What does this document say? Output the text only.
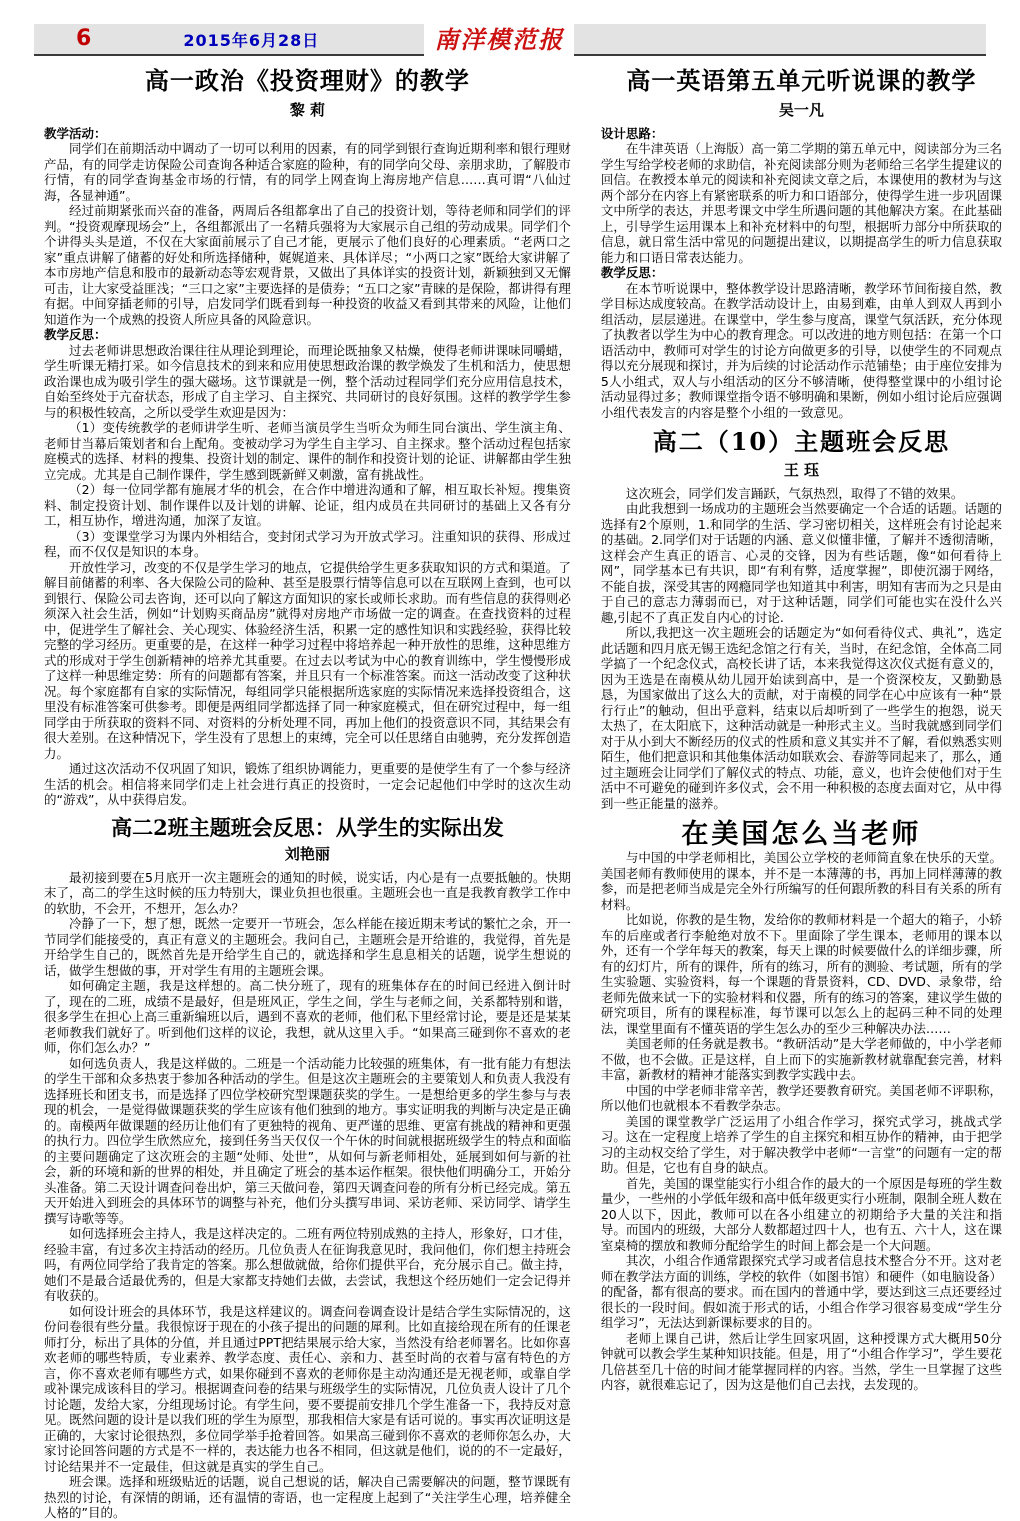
6	2015年6月28日	南洋模范报
高一政治《投资理财》的教学
黎 莉

教学活动：

同学们在前期活动中调动了一切可以利用的因素，有的同学到银行查询近期利率和银行理财产品，有的同学走访保险公司查询各种适合家庭的险种，有的同学向父母、亲朋求助，了解股市行情，有的同学查询基金市场的行情，有的同学上网查询上海房地产信息……真可谓“八仙过海，各显神通”。

经过前期紧张而兴奋的准备，两周后各组都拿出了自己的投资计划，等待老师和同学们的评判。“投资观摩现场会”上，各组都派出了一名精兵强将为大家展示自己组的劳动成果。同学们个个讲得头头是道，不仅在大家面前展示了自己才能，更展示了他们良好的心理素质。“老两口之家”重点讲解了储蓄的好处和所选择储种，娓娓道来、具体详尽；“小两口之家”既给大家讲解了本市房地产信息和股市的最新动态等宏观背景，又做出了具体详实的投资计划，新颖独到又无懈可击，让大家受益匪浅；“三口之家”主要选择的是债券；“五口之家”青睐的是保险，都讲得有理有据。中间穿插老师的引导，启发同学们既看到每一种投资的收益又看到其带来的风险，让他们知道作为一个成熟的投资人所应具备的风险意识。

教学反思：

过去老师讲思想政治课往往从理论到理论，而理论既抽象又枯燥，使得老师讲课味同嚼蜡，学生听课无精打采。如今信息技术的到来和应用使思想政治课的教学焕发了生机和活力，使思想政治课也成为吸引学生的强大磁场。这节课就是一例，整个活动过程同学们充分应用信息技术，自始至终处于亢奋状态，形成了自主学习、自主探究、共同研讨的良好氛围。这样的教学学生参与的积极性较高，之所以受学生欢迎是因为：

（1）变传统教学的老师讲学生听、老师当演员学生当听众为师生同台演出、学生演主角、老师甘当幕后策划者和台上配角。变被动学习为学生自主学习、自主探求。整个活动过程包括家庭模式的选择、材料的搜集、投资计划的制定、课件的制作和投资计划的论证、讲解都由学生独立完成。尤其是自己制作课件，学生感到既新鲜又刺激，富有挑战性。

（2）每一位同学都有施展才华的机会，在合作中增进沟通和了解，相互取长补短。搜集资料、制定投资计划、制作课件以及计划的讲解、论证，组内成员在共同研讨的基础上又各有分工，相互协作，增进沟通，加深了友谊。

（3）变课堂学习为课内外相结合，变封闭式学习为开放式学习。注重知识的获得、形成过程，而不仅仅是知识的本身。

开放性学习，改变的不仅是学生学习的地点，它提供给学生更多获取知识的方式和渠道。了解目前储蓄的利率、各大保险公司的险种、甚至是股票行情等信息可以在互联网上查到，也可以到银行、保险公司去咨询，还可以向了解这方面知识的家长或师长求助。而有些信息的获得则必须深入社会生活，例如“计划购买商品房”就得对房地产市场做一定的调查。在查找资料的过程中，促进学生了解社会、关心现实、体验经济生活，积累一定的感性知识和实践经验，获得比较完整的学习经历。更重要的是，在这样一种学习过程中将培养起一种开放性的思维，这种思维方式的形成对于学生创新精神的培养尤其重要。在过去以考试为中心的教育训练中，学生慢慢形成了这样一种思维定势：所有的问题都有答案，并且只有一个标准答案。而这一活动改变了这种状况。每个家庭都有自家的实际情况，每组同学只能根据所选家庭的实际情况来选择投资组合，这里没有标准答案可供参考。即便是两组同学都选择了同一种家庭模式，但在研究过程中，每一组同学由于所获取的资料不同、对资料的分析处理不同，再加上他们的投资意识不同，其结果会有很大差别。在这种情况下，学生没有了思想上的束缚，完全可以任思绪自由驰骋，充分发挥创造力。

通过这次活动不仅巩固了知识，锻炼了组织协调能力，更重要的是使学生有了一个参与经济生活的机会。相信将来同学们走上社会进行真正的投资时，一定会记起他们中学时的这次生动的“游戏”，从中获得启发。

高二2班主题班会反思：从学生的实际出发
刘艳丽

最初接到要在5月底开一次主题班会的通知的时候，说实话，内心是有一点要抵触的。快期末了，高二的学生这时候的压力特别大，课业负担也很重。主题班会也一直是我教育教学工作中的软肋，不会开，不想开，怎么办？

冷静了一下，想了想，既然一定要开一节班会，怎么样能在接近期末考试的繁忙之余，开一节同学们能接受的，真正有意义的主题班会。我问自己，主题班会是开给谁的，我觉得，首先是开给学生自己的，既然首先是开给学生自己的，就选择和学生息息相关的话题，说学生想说的话，做学生想做的事，开对学生有用的主题班会课。

如何确定主题，我是这样想的。高二快分班了，现有的班集体存在的时间已经进入倒计时了，现在的二班，成绩不是最好，但是班风正，学生之间，学生与老师之间，关系都特别和谐，很多学生在担心上高三重新编班以后，遇到不喜欢的老师，他们私下里经常讨论，要是还是某某老师教我们就好了。听到他们这样的议论，我想，就从这里入手。“如果高三碰到你不喜欢的老师，你们怎么办？”

如何选负责人，我是这样做的。二班是一个活动能力比较强的班集体，有一批有能力有想法的学生干部和众多热衷于参加各种活动的学生。但是这次主题班会的主要策划人和负责人我没有选择班长和团支书，而是选择了四位学校研究型课题获奖的学生。一是想给更多的学生参与与表现的机会，一是觉得做课题获奖的学生应该有他们独到的地方。事实证明我的判断与决定是正确的。南模两年做课题的经历让他们有了更独特的视角、更严谨的思维、更富有挑战的精神和更强的执行力。四位学生欣然应允，接到任务当天仅仅一个午休的时间就根据班级学生的特点和面临的主要问题确定了这次班会的主题“处师、处世”，从如何与新老师相处，延展到如何与新的社会，新的环境和新的世界的相处，并且确定了班会的基本运作框架。很快他们明确分工，开始分头准备。第二天设计调查问卷出炉，第三天做问卷，第四天调查问卷的所有分析已经完成。第五天开始进入到班会的具体环节的调整与补充，他们分头撰写串词、采访老师、采访同学、请学生撰写诗歌等等。

如何选择班会主持人，我是这样决定的。二班有两位特别成熟的主持人，形象好，口才佳，经验丰富，有过多次主持活动的经历。几位负责人在征询我意见时，我问他们，你们想主持班会吗，有两位同学给了我肯定的答案。那么想做就做，给你们提供平台，充分展示自己。做主持，她们不是最合适最优秀的，但是大家都支持她们去做，去尝试，我想这个经历她们一定会记得并有收获的。

如何设计班会的具体环节，我是这样建议的。调查问卷调查设计是结合学生实际情况的，这份问卷很有些分量。我很惊讶于现在的小孩子提出的问题的犀利。比如直接给现在所有的任课老师打分，标出了具体的分值，并且通过PPT把结果展示给大家，当然没有给老师署名。比如你喜欢老师的哪些特质，专业素养、教学态度、责任心、亲和力、甚至时尚的衣着与富有特色的方言，你不喜欢老师有哪些方式，如果你碰到不喜欢的老师你是主动沟通还是无视老师，或靠自学或补课完成该科目的学习。根据调查问卷的结果与班级学生的实际情况，几位负责人设计了几个讨论题，发给大家，分组现场讨论。有学生问，要不要提前安排几个学生准备一下，我持反对意见。既然问题的设计是以我们班的学生为原型，那我相信大家是有话可说的。事实再次证明这是正确的，大家讨论很热烈，多位同学举手抢着回答。如果高三碰到你不喜欢的老师你怎么办，大家讨论回答问题的方式是不一样的，表达能力也各不相同，但这就是他们，说的的不一定最好，讨论结果并不一定最佳，但这就是真实的学生自己。

班会课。选择和班级贴近的话题，说自己想说的话，解决自己需要解决的问题，整节课既有热烈的讨论，有深情的朗诵，还有温情的寄语，也一定程度上起到了“关注学生心理，培养健全人格的”目的。

高一英语第五单元听说课的教学
吴一凡

设计思路：

在牛津英语（上海版）高一第二学期的第五单元中，阅读部分为三名学生写给学校老师的求助信，补充阅读部分则为老师给三名学生提建议的回信。在教授本单元的阅读和补充阅读文章之后，本课使用的教材为与这两个部分在内容上有紧密联系的听力和口语部分，使得学生进一步巩固课文中所学的表达，并思考课文中学生所遇问题的其他解决方案。在此基础上，引导学生运用课本上和补充材料中的句型，根据听力部分中所获取的信息，就日常生活中常见的问题提出建议，以期提高学生的听力信息获取能力和口语日常表达能力。

教学反思：

在本节听说课中，整体教学设计思路清晰，教学环节间衔接自然，教学目标达成度较高。在教学活动设计上，由易到难，由单人到双人再到小组活动，层层递进。在课堂中，学生参与度高，课堂气氛活跃，充分体现了执教者以学生为中心的教育理念。可以改进的地方则包括：在第一个口语活动中，教师可对学生的讨论方向做更多的引导，以使学生的不同观点得以充分展现和探讨，并为后续的讨论活动作示范铺垫；由于座位安排为5人小组式，双人与小组活动的区分不够清晰，使得整堂课中的小组讨论活动显得过多；教师课堂指令语不够明确和果断，例如小组讨论后应强调小组代表发言的内容是整个小组的一致意见。

高二（10）主题班会反思
王 珏

这次班会，同学们发言踊跃，气氛热烈，取得了不错的效果。

由此我想到一场成功的主题班会当然要确定一个合适的话题。话题的选择有2个原则，1.和同学的生活、学习密切相关，这样班会有讨论起来的基础。2.同学们对于话题的内涵、意义似懂非懂，了解并不透彻清晰，这样会产生真正的语言、心灵的交锋，因为有些话题，像“如何看待上网”，同学基本已有共识，即“有利有弊，适度掌握”，即使沉溺于网络，不能自拔，深受其害的网瘾同学也知道其中利害，明知有害而为之只是由于自己的意志力薄弱而已，对于这种话题，同学们可能也实在没什么兴趣,引起不了真正发自内心的讨论.

所以,我把这一次主题班会的话题定为“如何看待仪式、典礼”，选定此话题和四月底无锡王选纪念馆之行有关，当时，在纪念馆，全体高二同学搞了一个纪念仪式，高校长讲了话，本来我觉得这次仪式挺有意义的，因为王选是在南模从幼儿园开始读到高中，是一个资深校友，又勤勤恳恳，为国家做出了这么大的贡献，对于南模的同学在心中应该有一种“景行行止”的触动，但出乎意料，结束以后却听到了一些学生的抱怨，说天太热了，在太阳底下，这种活动就是一种形式主义。当时我就感到同学们对于从小到大不断经历的仪式的性质和意义其实并不了解，看似熟悉实则陌生，他们把意识和其他集体活动如联欢会、春游等同起来了，那么，通过主题班会让同学们了解仪式的特点、功能，意义，也许会使他们对于生活中不可避免的碰到许多仪式，会不用一种积极的态度去面对它，从中得到一些正能量的滋养。

在美国怎么当老师

与中国的中学老师相比，美国公立学校的老师简直象在快乐的天堂。美国老师有教师使用的课本，并不是一本薄薄的书，再加上同样薄薄的教参，而是把老师当成是完全外行所编写的任何跟所教的科目有关系的所有材料。

比如说，你教的是生物，发给你的教师材料是一个超大的箱子，小轿车的后座或者行李舱绝对放不下。里面除了学生课本，老师用的课本以外，还有一个学年每天的教案，每天上课的时候要做什么的详细步骤，所有的幻灯片，所有的课件，所有的练习，所有的测验、考试题，所有的学生实验题、实验资料，每一个课题的背景资料，CD、DVD、录象带，给老师先做来试一下的实验材料和仪器，所有的练习的答案，建议学生做的研究项目，所有的课程标准，每节课可以怎么上的起码三种不同的处理法，课堂里面有不懂英语的学生怎么办的至少三种解决办法……

美国老师的任务就是教书。“教研活动”是大学老师做的，中小学老师不做，也不会做。正是这样，自上而下的实施新教材就靠配套完善，材料丰富，新教材的精神才能落实到教学实践中去。

中国的中学老师非常辛苦，教学还要教育研究。美国老师不评职称，所以他们也就根本不看教学杂志。

美国的课堂教学广泛运用了小组合作学习，探究式学习，挑战式学习。这在一定程度上培养了学生的自主探究和相互协作的精神，由于把学习的主动权交给了学生，对于解决教学中老师“一言堂”的问题有一定的帮助。但是，它也有自身的缺点。

首先，美国的课堂能实行小组合作的最大的一个原因是每班的学生数量少，一些州的小学低年级和高中低年级更实行小班制，限制全班人数在20人以下，因此，教师可以在各小组建立的初期给予大量的关注和指导。而国内的班级，大部分人数都超过四十人，也有五、六十人，这在课室桌椅的摆放和教师分配给学生的时间上都会是一个大问题。

其次，小组合作通常跟探究式学习或者信息技术整合分不开。这对老师在教学法方面的训练，学校的软件（如图书馆）和硬件（如电脑设备）的配备，都有很高的要求。而在国内的普通中学，要达到这三点还要经过很长的一段时间。假如流于形式的话，小组合作学习很容易变成“学生分组学习”，无法达到新课标要求的目的。

老师上课自己讲，然后让学生回家巩固，这种授课方式大概用50分钟就可以教会学生某种知识技能。但是，用了“小组合作学习”，学生要花几倍甚至几十倍的时间才能掌握同样的内容。当然，学生一旦掌握了这些内容，就很难忘记了，因为这是他们自己去找，去发现的。
